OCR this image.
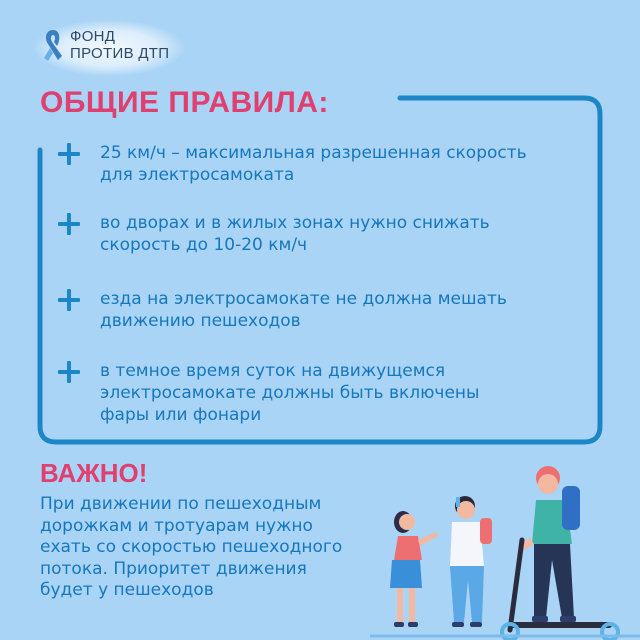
ФОНД
ПРОТИВ ДТП
ОБЩИЕ ПРАВИЛА:
25 км/ч – максимальная разрешенная скорость
для электросамоката
во дворах и в жилых зонах нужно снижать
скорость до 10-20 км/ч
езда на электросамокате не должна мешать
движению пешеходов
в темное время суток на движущемся
электросамокате должны быть включены
фары или фонари
ВАЖНО!

При движении по пешеходным
дорожкам и тротуарам нужно
ехать со скоростью пешеходного
потока. Приоритет движения
будет у пешеходов
